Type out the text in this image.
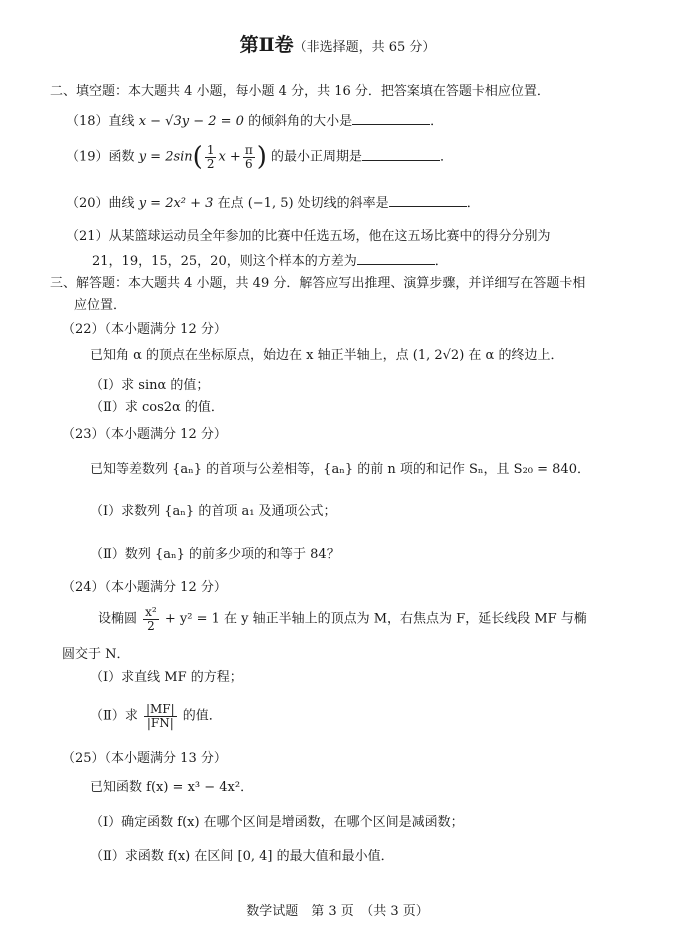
第Ⅱ卷（非选择题，共 65 分）
二、填空题：本大题共 4 小题，每小题 4 分，共 16 分．把答案填在答题卡相应位置．
（18）直线 x − √3y − 2 = 0 的倾斜角的大小是	．
（19）函数 $y = 2\sin( \frac{1}{2}$ $x + \frac{\pi}{6}$ ) 的最小正周期是	．
（20）曲线 y = 2x² + 3 在点 (−1, 5) 处切线的斜率是	．
（21）从某篮球运动员全年参加的比赛中任选五场，他在这五场比赛中的得分分别为
21，19，15，25，20，则这个样本的方差为	．
三、解答题：本大题共 4 小题，共 49 分．解答应写出推理、演算步骤，并详细写在答题卡相
应位置．
（22）（本小题满分 12 分）
已知角 α 的顶点在坐标原点，始边在 x 轴正半轴上，点 (1, 2√2) 在 α 的终边上．
（Ⅰ）求 sinα 的值；
（Ⅱ）求 cos2α 的值．
（23）（本小题满分 12 分）
已知等差数列 {aₙ} 的首项与公差相等，{aₙ} 的前 n 项的和记作 Sₙ，且 S₂₀ = 840．
（Ⅰ）求数列 {aₙ} 的首项 a₁ 及通项公式；
（Ⅱ）数列 {aₙ} 的前多少项的和等于 84？
（24）（本小题满分 12 分）
设椭圆 $\frac{\text{x²}}{2} + y^2 = 1$ 在 y 轴正半轴上的顶点为 M，右焦点为 F，延长线段 MF 与椭
圆交于 N．
（Ⅰ）求直线 MF 的方程；
（Ⅱ）求 $\frac{|MF|}{|FN|}$ 的值．
（25）（本小题满分 13 分）
已知函数 f(x) = x³ − 4x²．
（Ⅰ）确定函数 f(x) 在哪个区间是增函数，在哪个区间是减函数；
（Ⅱ）求函数 f(x) 在区间 [0, 4] 的最大值和最小值．
数学试题　第 3 页　（共 3 页）
